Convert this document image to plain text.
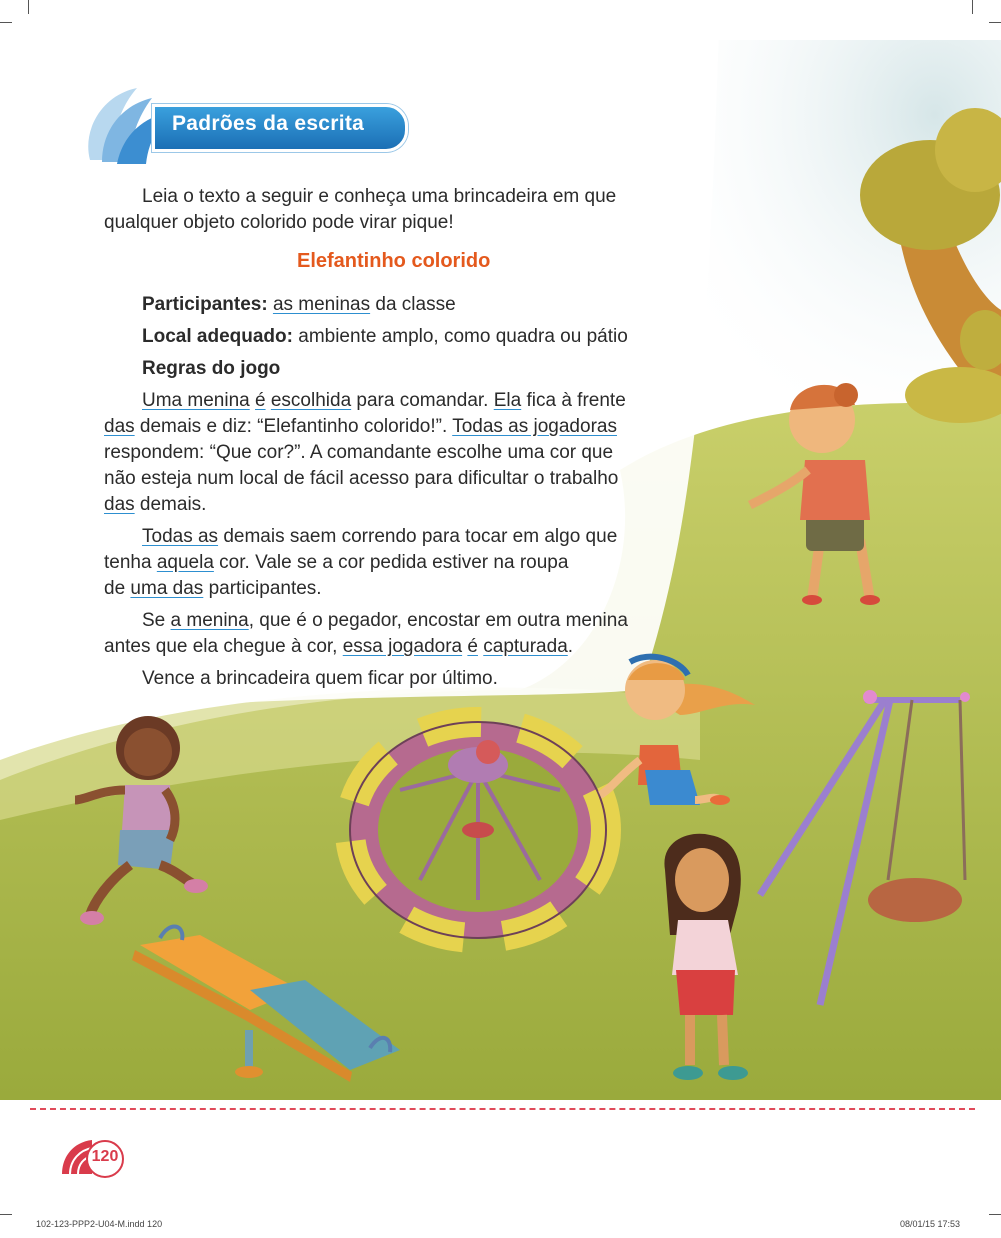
Padrões da escrita
Leia o texto a seguir e conheça uma brincadeira em que
qualquer objeto colorido pode virar pique!
Elefantinho colorido
Participantes: as meninas da classe
Local adequado: ambiente amplo, como quadra ou pátio
Regras do jogo
Uma menina é escolhida para comandar. Ela fica à frente
das demais e diz: “Elefantinho colorido!”. Todas as jogadoras
respondem: “Que cor?”. A comandante escolhe uma cor que
não esteja num local de fácil acesso para dificultar o trabalho
das demais.
Todas as demais saem correndo para tocar em algo que
tenha aquela cor. Vale se a cor pedida estiver na roupa
de uma das participantes.
Se a menina, que é o pegador, encostar em outra menina
antes que ela chegue à cor, essa jogadora é capturada.
Vence a brincadeira quem ficar por último.
120
102-123-PPP2-U04-M.indd 120	08/01/15 17:53
